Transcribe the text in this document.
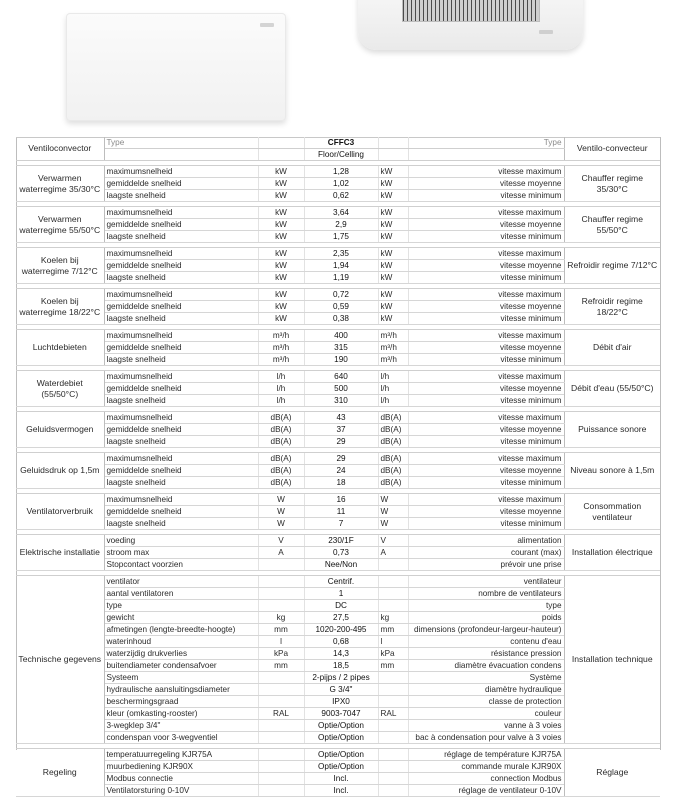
Ventiloconvector	Type		CFFC3		Type	Ventilo-convecteur
			Floor/Celling			

Verwarmen waterregime 35/30°C	maximumsnelheid	kW	1,28	kW	vitesse maximum	Chauffer regime 35/30°C
	gemiddelde snelheid	kW	1,02	kW	vitesse moyenne	
	laagste snelheid	kW	0,62	kW	vitesse minimum	

Verwarmen waterregime 55/50°C	maximumsnelheid	kW	3,64	kW	vitesse maximum	Chauffer regime 55/50°C
	gemiddelde snelheid	kW	2,9	kW	vitesse moyenne	
	laagste snelheid	kW	1,75	kW	vitesse minimum	

Koelen bij waterregime 7/12°C	maximumsnelheid	kW	2,35	kW	vitesse maximum	Refroidir regime 7/12°C
	gemiddelde snelheid	kW	1,94	kW	vitesse moyenne	
	laagste snelheid	kW	1,19	kW	vitesse minimum	

Koelen bij waterregime 18/22°C	maximumsnelheid	kW	0,72	kW	vitesse maximum	Refroidir regime 18/22°C
	gemiddelde snelheid	kW	0,59	kW	vitesse moyenne	
	laagste snelheid	kW	0,38	kW	vitesse minimum	

Luchtdebieten	maximumsnelheid	m³/h	400	m³/h	vitesse maximum	Débit d'air
	gemiddelde snelheid	m³/h	315	m³/h	vitesse moyenne	
	laagste snelheid	m³/h	190	m³/h	vitesse minimum	

Waterdebiet (55/50°C)	maximumsnelheid	l/h	640	l/h	vitesse maximum	Débit d'eau (55/50°C)
	gemiddelde snelheid	l/h	500	l/h	vitesse moyenne	
	laagste snelheid	l/h	310	l/h	vitesse minimum	

Geluidsvermogen	maximumsnelheid	dB(A)	43	dB(A)	vitesse maximum	Puissance sonore
	gemiddelde snelheid	dB(A)	37	dB(A)	vitesse moyenne	
	laagste snelheid	dB(A)	29	dB(A)	vitesse minimum	

Geluidsdruk op 1,5m	maximumsnelheid	dB(A)	29	dB(A)	vitesse maximum	Niveau sonore à 1,5m
	gemiddelde snelheid	dB(A)	24	dB(A)	vitesse moyenne	
	laagste snelheid	dB(A)	18	dB(A)	vitesse minimum	

Ventilatorverbruik	maximumsnelheid	W	16	W	vitesse maximum	Consommation ventilateur
	gemiddelde snelheid	W	11	W	vitesse moyenne	
	laagste snelheid	W	7	W	vitesse minimum	

Elektrische installatie	voeding	V	230/1F	V	alimentation	Installation électrique
	stroom max	A	0,73	A	courant (max)	
	Stopcontact voorzien		Nee/Non		prévoir une prise	

Technische gegevens	ventilator		Centrif.		ventilateur	Installation technique
	aantal ventilatoren		1		nombre de ventilateurs	
	type		DC		type	
	gewicht	kg	27,5	kg	poids	
	afmetingen (lengte-breedte-hoogte)	mm	1020-200-495	mm	dimensions (profondeur-largeur-hauteur)	
	waterinhoud	l	0,68	l	contenu d'eau	
	waterzijdig drukverlies	kPa	14,3	kPa	résistance pression	
	buitendiameter condensafvoer	mm	18,5	mm	diamètre évacuation condens	
	Systeem		2-pijps / 2 pipes		Système	
	hydraulische aansluitingsdiameter		G 3/4"		diamètre hydraulique	
	beschermingsgraad		IPX0		classe de protection	
	kleur (omkasting-rooster)	RAL	9003-7047	RAL	couleur	
	3-wegklep 3/4"		Optie/Option		vanne à 3 voies	
	condenspan voor 3-wegventiel		Optie/Option		bac à condensation pour valve à 3 voies	

Regeling	temperatuurregeling KJR75A		Optie/Option		réglage de température KJR75A	Réglage
	muurbediening KJR90X		Optie/Option		commande murale KJR90X	
	Modbus connectie		Incl.		connection Modbus	
	Ventilatorsturing 0-10V		Incl.		réglage de ventilateur 0-10V	
